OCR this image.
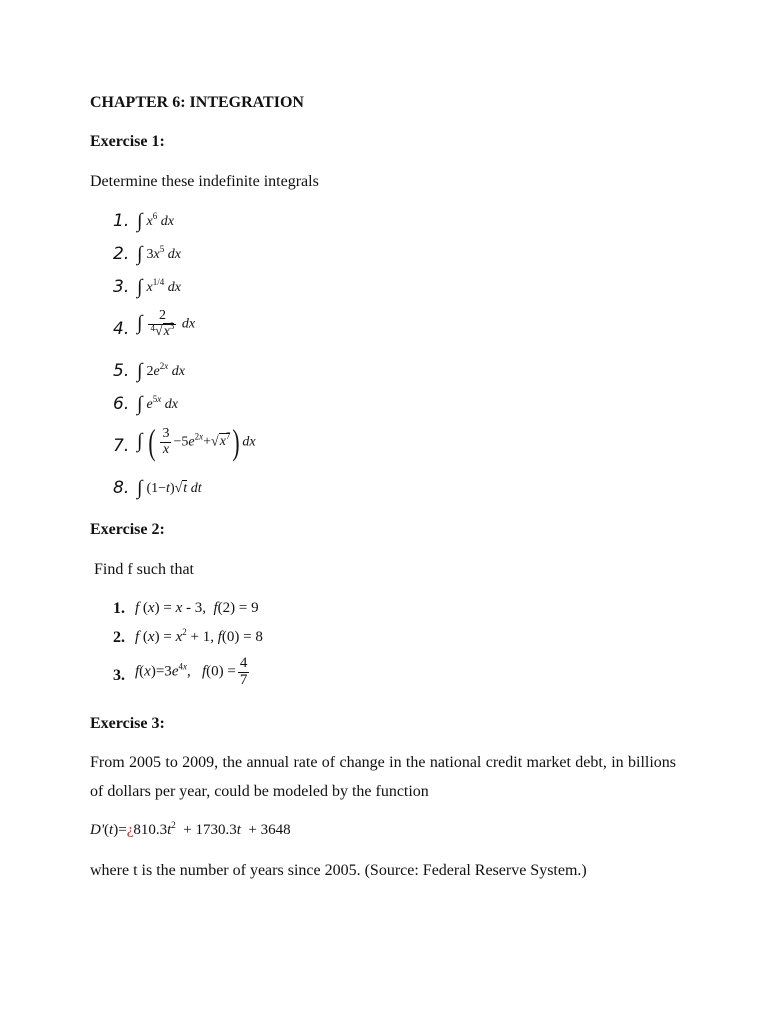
CHAPTER 6: INTEGRATION
Exercise 1:
Determine these indefinite integrals
1. ∫ $x^6$ dx
2. ∫ $3x^5$ dx
3. ∫ $x^{1/4}$ dx
4. ∫ $\frac{2}{^4√x^3}$ dx
5. ∫ $2e^{2x}$ dx
6. ∫ $e^{5x}$ dx
7. ∫ ( $\frac{3}{x} -5e^{2x}+√x^7$) dx
8. ∫ (1−t)√t dt
Exercise 2:
Find f such that
1. f (x) = x - 3,  f(2) = 9
2. f $(x) = x^2 + 1$, f(0) = 8
3. $f(x)=3e^{4x}$,   $f(0) = \frac{4}{7}$
Exercise 3:
From 2005 to 2009, the annual rate of change in the national credit market debt, in billions of dollars per year, could be modeled by the function
$D'(t)=¿810.3t^2 + 1730.3t + 3648$
where t is the number of years since 2005. (Source: Federal Reserve System.)
